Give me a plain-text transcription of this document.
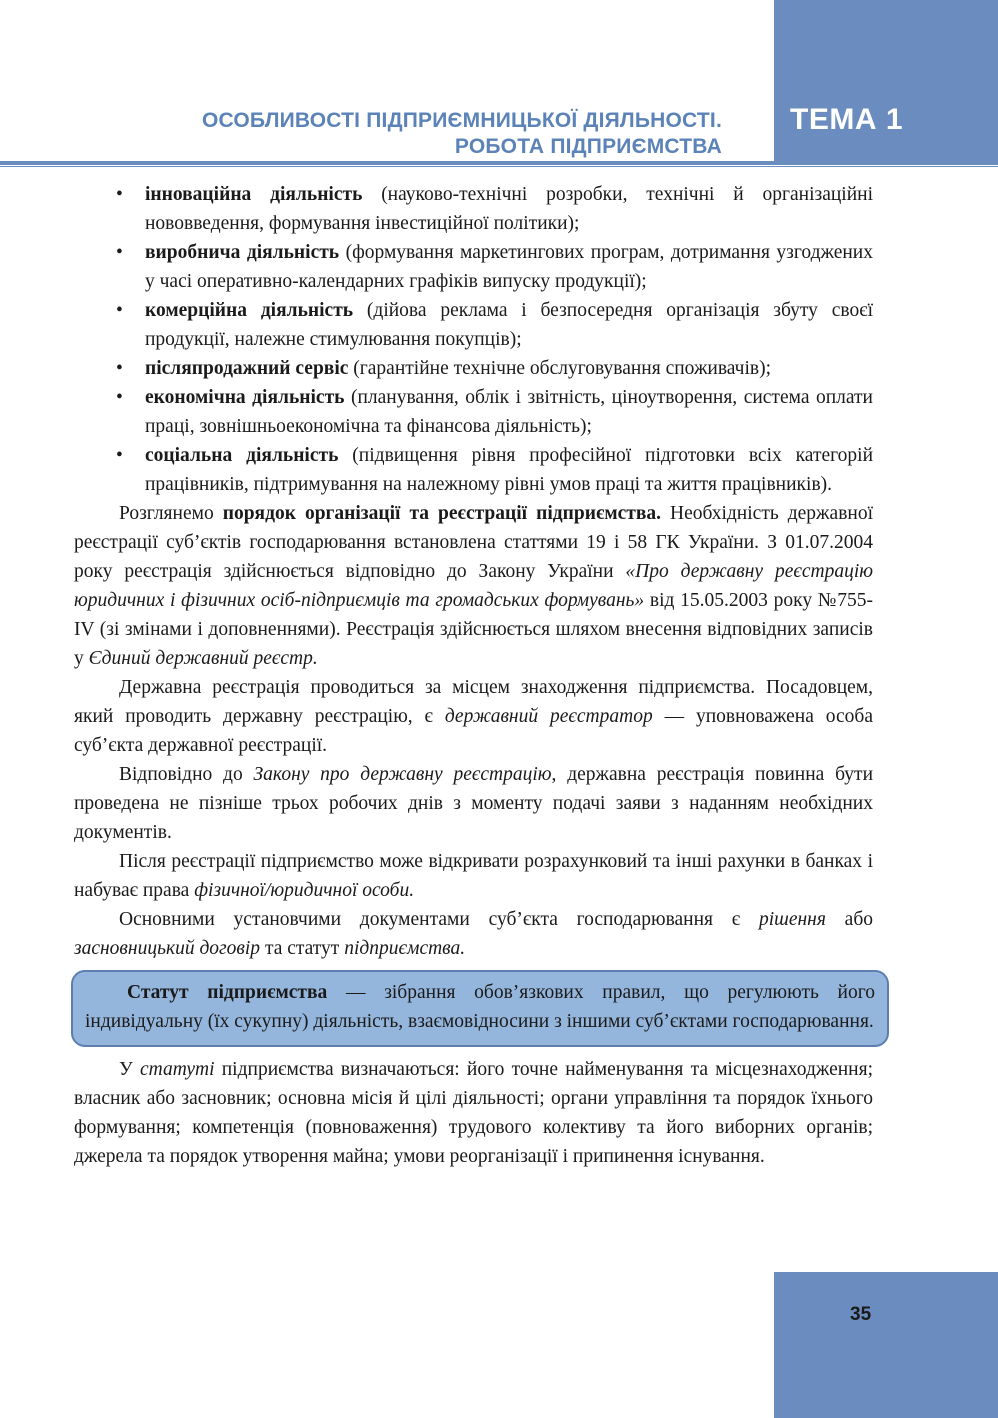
ТЕМА 1
ОСОБЛИВОСТІ ПІДПРИЄМНИЦЬКОЇ ДІЯЛЬНОСТІ.
РОБОТА ПІДПРИЄМСТВА
• інноваційна діяльність (науково-технічні розробки, технічні й організаційні нововведення, формування інвестиційної політики);
• виробнича діяльність (формування маркетингових програм, дотримання узгоджених у часі оперативно-календарних графіків випуску продукції);
• комерційна діяльність (дійова реклама і безпосередня організація збуту своєї продукції, належне стимулювання покупців);
• післяпродажний сервіс (гарантійне технічне обслуговування споживачів);
• економічна діяльність (планування, облік і звітність, ціноутворення, система оплати праці, зовнішньоекономічна та фінансова діяльність);
• соціальна діяльність (підвищення рівня професійної підготовки всіх категорій працівників, підтримування на належному рівні умов праці та життя працівників).

Розглянемо порядок організації та реєстрації підприємства. Необхідність державної реєстрації суб’єктів господарювання встановлена статтями 19 і 58 ГК України. З 01.07.2004 року реєстрація здійснюється відповідно до Закону України «Про державну реєстрацію юридичних і фізичних осіб-підприємців та громадських формувань» від 15.05.2003 року №755-IV (зі змінами і доповненнями). Реєстрація здійснюється шляхом внесення відповідних записів у Єдиний державний реєстр.

Державна реєстрація проводиться за місцем знаходження підприємства. Посадовцем, який проводить державну реєстрацію, є державний реєстратор — уповноважена особа суб’єкта державної реєстрації.

Відповідно до Закону про державну реєстрацію, державна реєстрація повинна бути проведена не пізніше трьох робочих днів з моменту подачі заяви з наданням необхідних документів.

Після реєстрації підприємство може відкривати розрахунковий та інші рахунки в банках і набуває права фізичної/юридичної особи.

Основними установчими документами суб’єкта господарювання є рішення або засновницький договір та статут підприємства.

Статут підприємства — зібрання обов’язкових правил, що регулюють його індивідуальну (їх сукупну) діяльність, взаємовідносини з іншими суб’єктами господарювання.

У статуті підприємства визначаються: його точне найменування та місцезнаходження; власник або засновник; основна місія й цілі діяльності; органи управління та порядок їхнього формування; компетенція (повноваження) трудового колективу та його виборних органів; джерела та порядок утворення майна; умови реорганізації і припинення існування.

35
